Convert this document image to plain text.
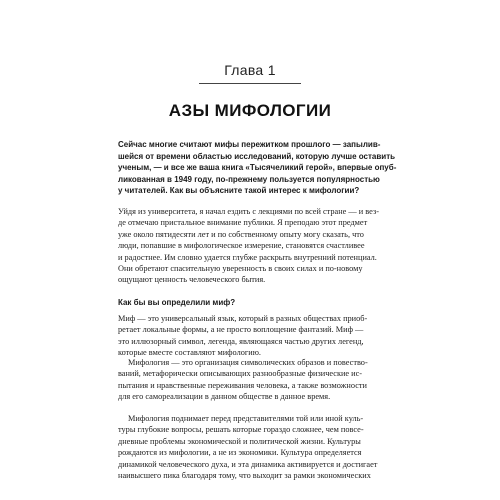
Глава 1
АЗЫ МИФОЛОГИИ
Сейчас многие считают мифы пережитком прошлого — запылив-
шейся от времени областью исследований, которую лучше оставить
ученым, — и все же ваша книга «Тысячеликий герой», впервые опуб-
ликованная в 1949 году, по-прежнему пользуется популярностью
у читателей. Как вы объясните такой интерес к мифологии?
Уйдя из университета, я начал ездить с лекциями по всей стране — и вез-
де отмечаю пристальное внимание публики. Я преподаю этот предмет
уже около пятидесяти лет и по собственному опыту могу сказать, что
люди, попавшие в мифологическое измерение, становятся счастливее
и радостнее. Им словно удается глубже раскрыть внутренний потенциал.
Они обретают спасительную уверенность в своих силах и по-новому
ощущают ценность человеческого бытия.
Как бы вы определили миф?
Миф — это универсальный язык, который в разных обществах приоб-
ретает локальные формы, а не просто воплощение фантазий. Миф —
это иллюзорный символ, легенда, являющаяся частью других легенд,
которые вместе составляют мифологию.
Мифология — это организация символических образов и повество-
ваний, метафорически описывающих разнообразные физические ис-
пытания и нравственные переживания человека, а также возможности
для его самореализации в данном обществе в данное время.
Мифология поднимает перед представителями той или иной куль-
туры глубокие вопросы, решать которые гораздо сложнее, чем повсе-
дневные проблемы экономической и политической жизни. Культуры
рождаются из мифологии, а не из экономики. Культура определяется
динамикой человеческого духа, и эта динамика активируется и достигает
наивысшего пика благодаря тому, что выходит за рамки экономических
